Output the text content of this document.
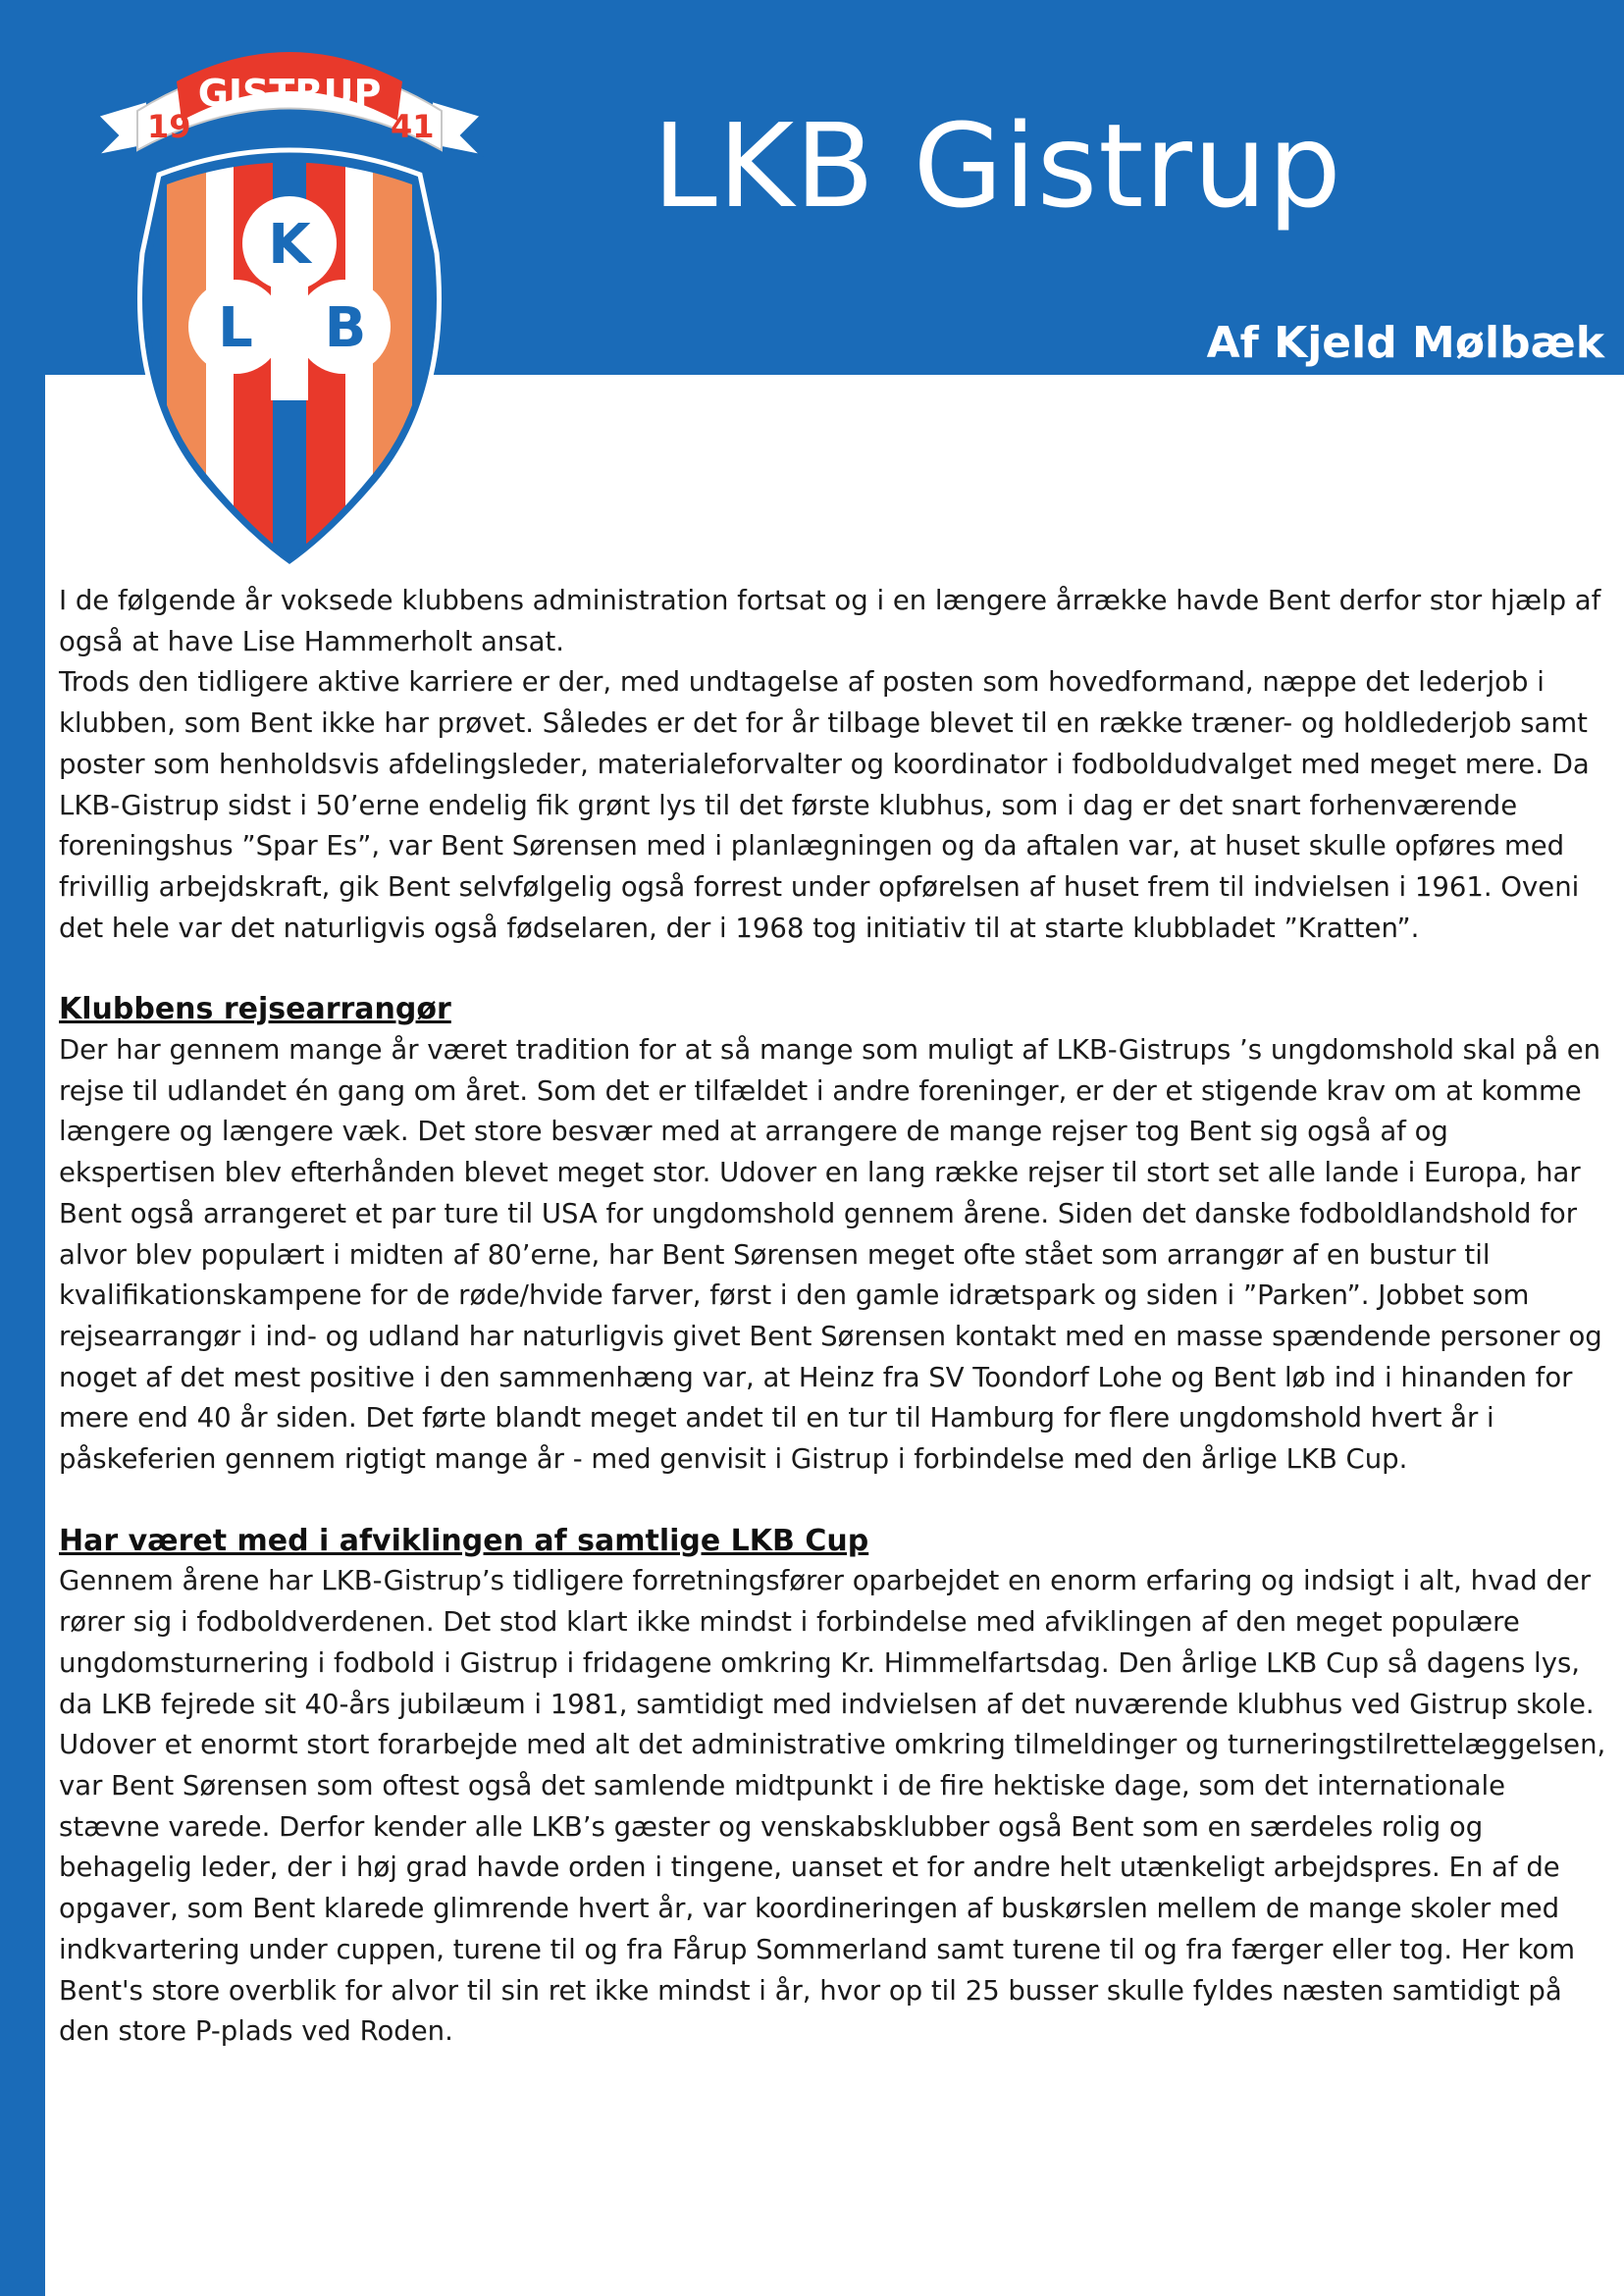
GISTRUP
19	41
K
L B
LKB Gistrup
Af Kjeld Mølbæk

I de følgende år voksede klubbens administration fortsat og i en længere årrække havde Bent derfor stor hjælp af også at have Lise Hammerholt ansat.

Trods den tidligere aktive karriere er der, med undtagelse af posten som hovedformand, næppe det lederjob i klubben, som Bent ikke har prøvet. Således er det for år tilbage blevet til en række træner- og holdlederjob samt poster som henholdsvis afdelingsleder, materialeforvalter og koordinator i fodboldudvalget med meget mere. Da LKB-Gistrup sidst i 50’erne endelig fik grønt lys til det første klubhus, som i dag er det snart forhenværende foreningshus ”Spar Es”, var Bent Sørensen med i planlægningen og da aftalen var, at huset skulle opføres med frivillig arbejdskraft, gik Bent selvfølgelig også forrest under opførelsen af huset frem til indvielsen i 1961. Oveni det hele var det naturligvis også fødselaren, der i 1968 tog initiativ til at starte klubbladet ”Kratten”.

Klubbens rejsearrangør

Der har gennem mange år været tradition for at så mange som muligt af LKB-Gistrups ’s ungdomshold skal på en rejse til udlandet én gang om året. Som det er tilfældet i andre foreninger, er der et stigende krav om at komme længere og længere væk. Det store besvær med at arrangere de mange rejser tog Bent sig også af og ekspertisen blev efterhånden blevet meget stor. Udover en lang række rejser til stort set alle lande i Europa, har Bent også arrangeret et par ture til USA for ungdomshold gennem årene. Siden det danske fodboldlandshold for alvor blev populært i midten af 80’erne, har Bent Sørensen meget ofte stået som arrangør af en bustur til kvalifikationskampene for de røde/hvide farver, først i den gamle idrætspark og siden i ”Parken”. Jobbet som rejsearrangør i ind- og udland har naturligvis givet Bent Sørensen kontakt med en masse spændende personer og noget af det mest positive i den sammenhæng var, at Heinz fra SV Toondorf Lohe og Bent løb ind i hinanden for mere end 40 år siden. Det førte blandt meget andet til en tur til Hamburg for flere ungdomshold hvert år i påskeferien gennem rigtigt mange år - med genvisit i Gistrup i forbindelse med den årlige LKB Cup.

Har været med i afviklingen af samtlige LKB Cup

Gennem årene har LKB-Gistrup’s tidligere forretningsfører oparbejdet en enorm erfaring og indsigt i alt, hvad der rører sig i fodboldverdenen. Det stod klart ikke mindst i forbindelse med afviklingen af den meget populære ungdomsturnering i fodbold i Gistrup i fridagene omkring Kr. Himmelfartsdag. Den årlige LKB Cup så dagens lys, da LKB fejrede sit 40-års jubilæum i 1981, samtidigt med indvielsen af det nuværende klubhus ved Gistrup skole. Udover et enormt stort forarbejde med alt det administrative omkring tilmeldinger og turneringstilrettelæggelsen, var Bent Sørensen som oftest også det samlende midtpunkt i de fire hektiske dage, som det internationale stævne varede. Derfor kender alle LKB’s gæster og venskabsklubber også Bent som en særdeles rolig og behagelig leder, der i høj grad havde orden i tingene, uanset et for andre helt utænkeligt arbejdspres. En af de opgaver, som Bent klarede glimrende hvert år, var koordineringen af buskørslen mellem de mange skoler med indkvartering under cuppen, turene til og fra Fårup Sommerland samt turene til og fra færger eller tog. Her kom Bent's store overblik for alvor til sin ret ikke mindst i år, hvor op til 25 busser skulle fyldes næsten samtidigt på den store P-plads ved Roden.
